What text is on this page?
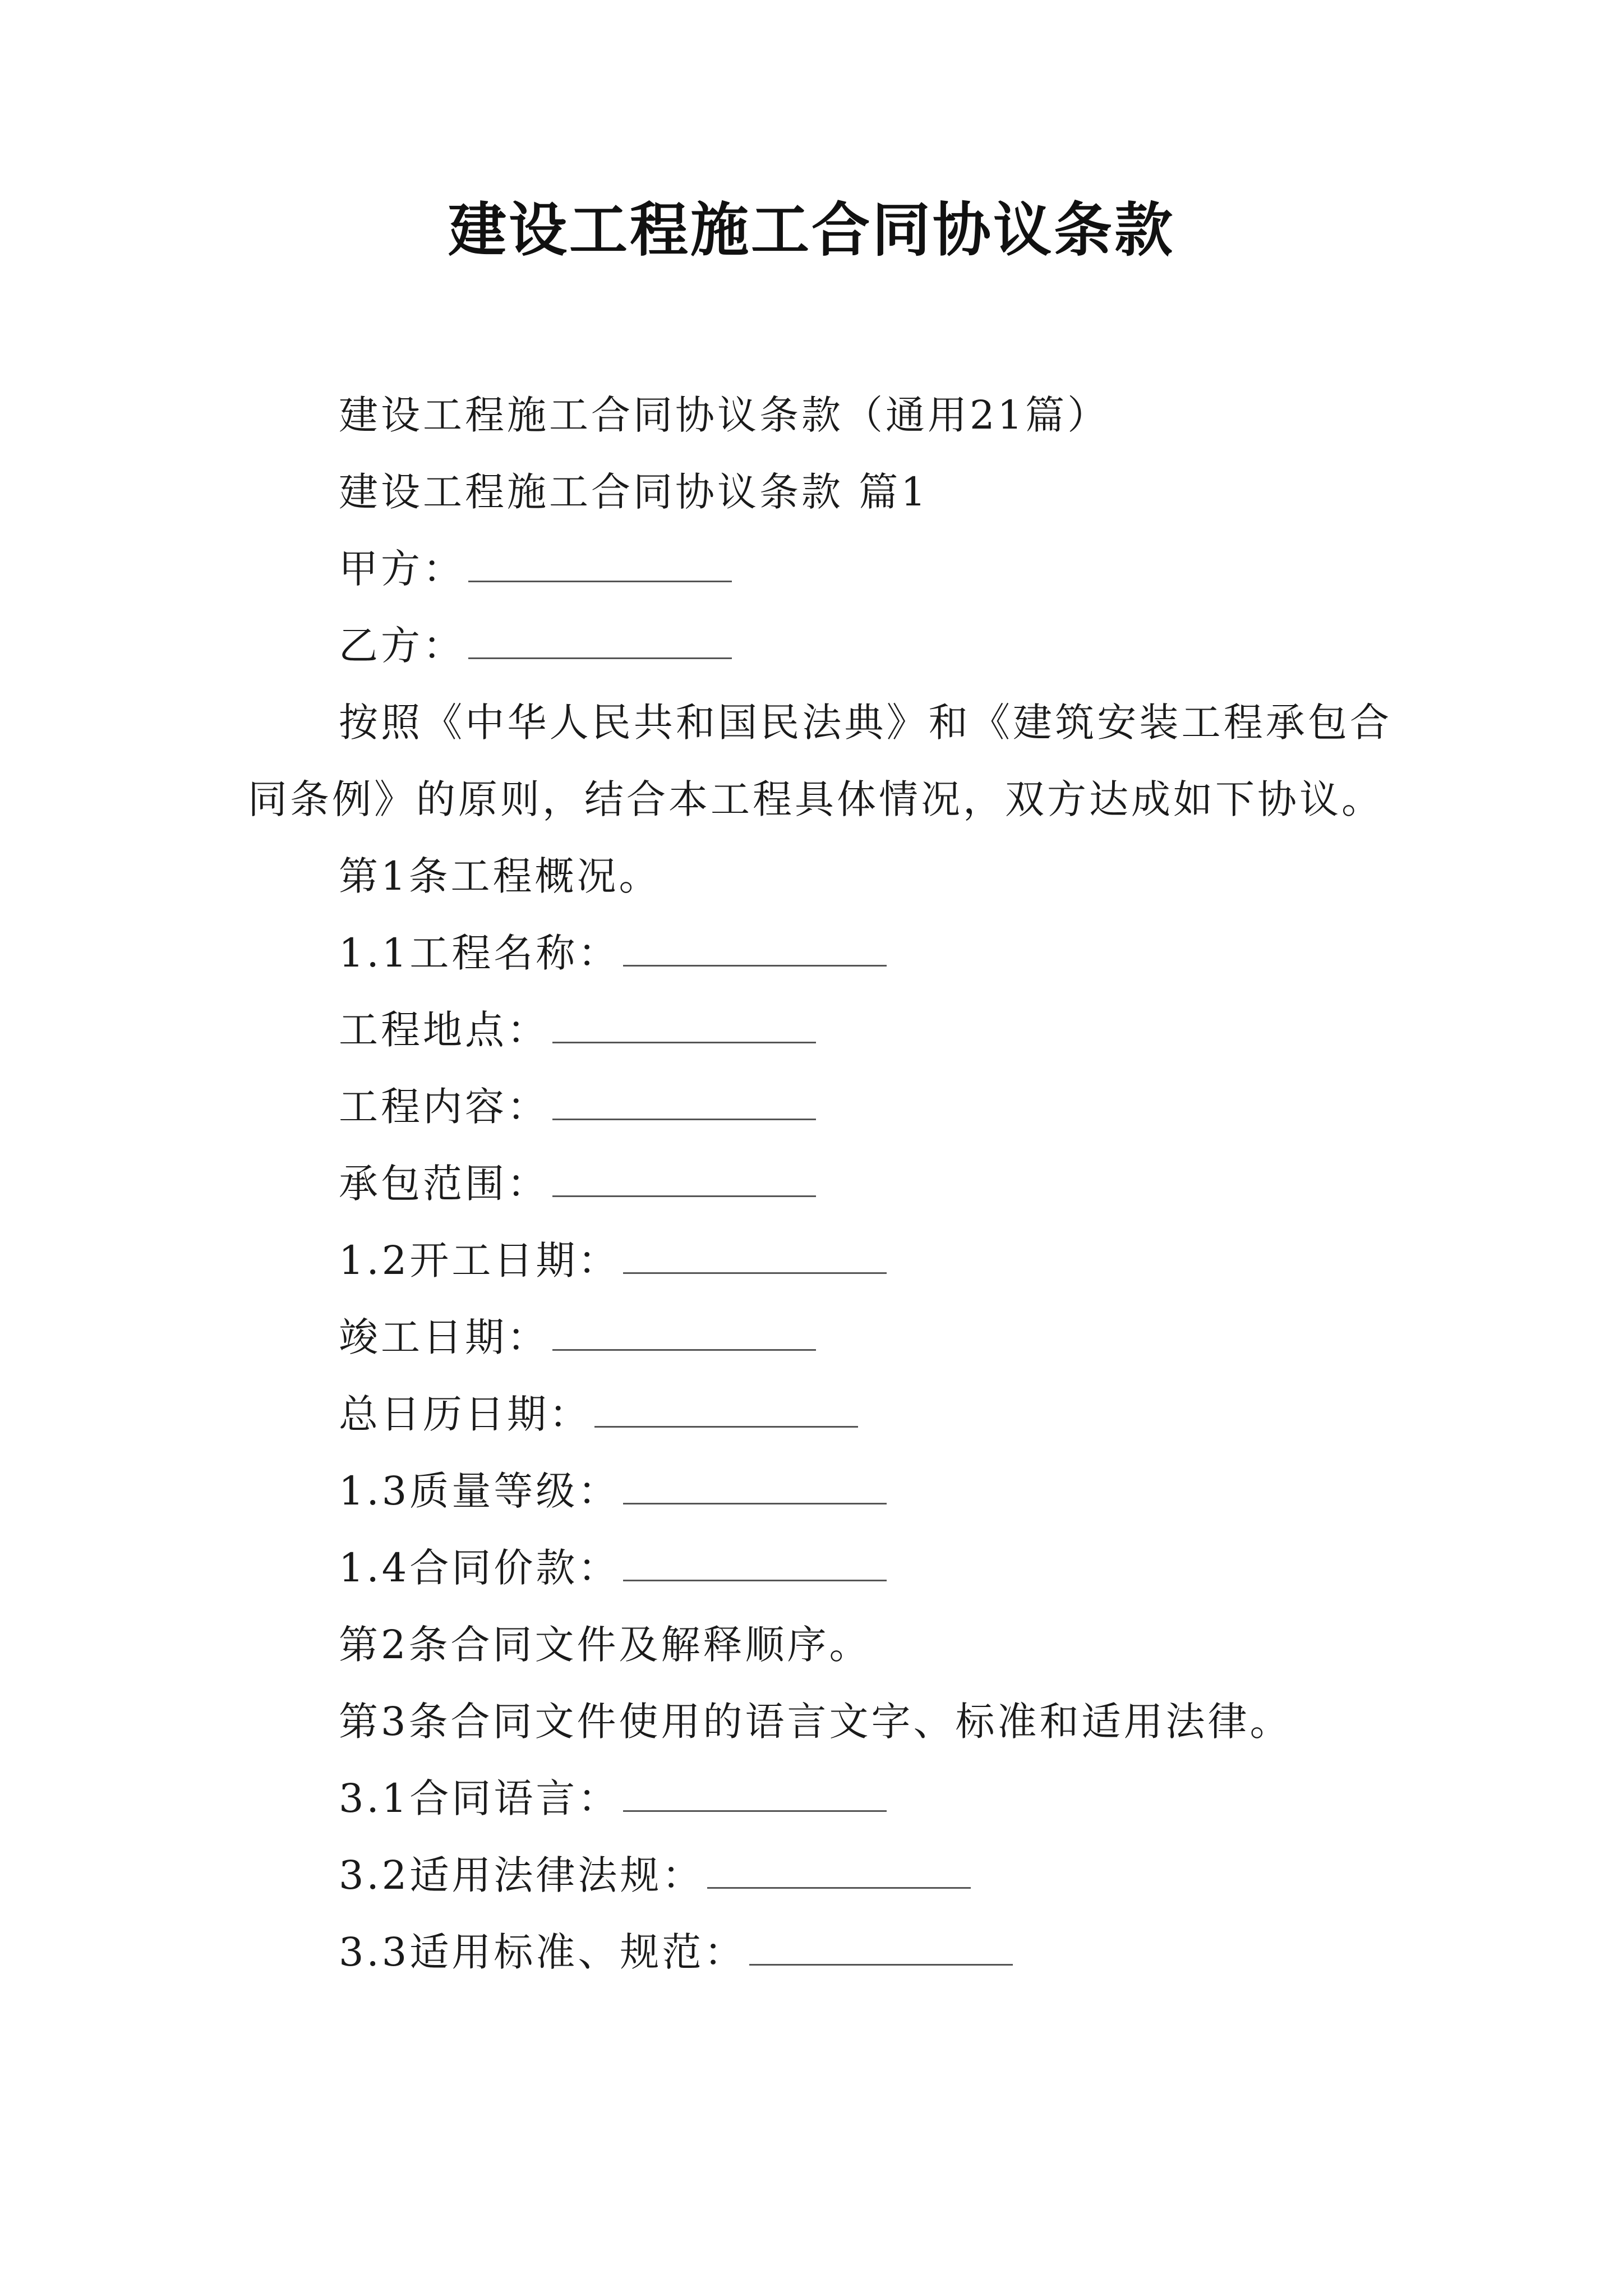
建设工程施工合同协议条款

建设工程施工合同协议条款（通用21篇）

建设工程施工合同协议条款 篇1

甲方：

乙方：

按照《中华人民共和国民法典》和《建筑安装工程承包合同条例》的原则，结合本工程具体情况，双方达成如下协议。

第1条工程概况。

1.1工程名称：

工程地点：

工程内容：

承包范围：

1.2开工日期：

竣工日期：

总日历日期：

1.3质量等级：

1.4合同价款：

第2条合同文件及解释顺序。

第3条合同文件使用的语言文字、标准和适用法律。

3.1合同语言：

3.2适用法律法规：

3.3适用标准、规范：
